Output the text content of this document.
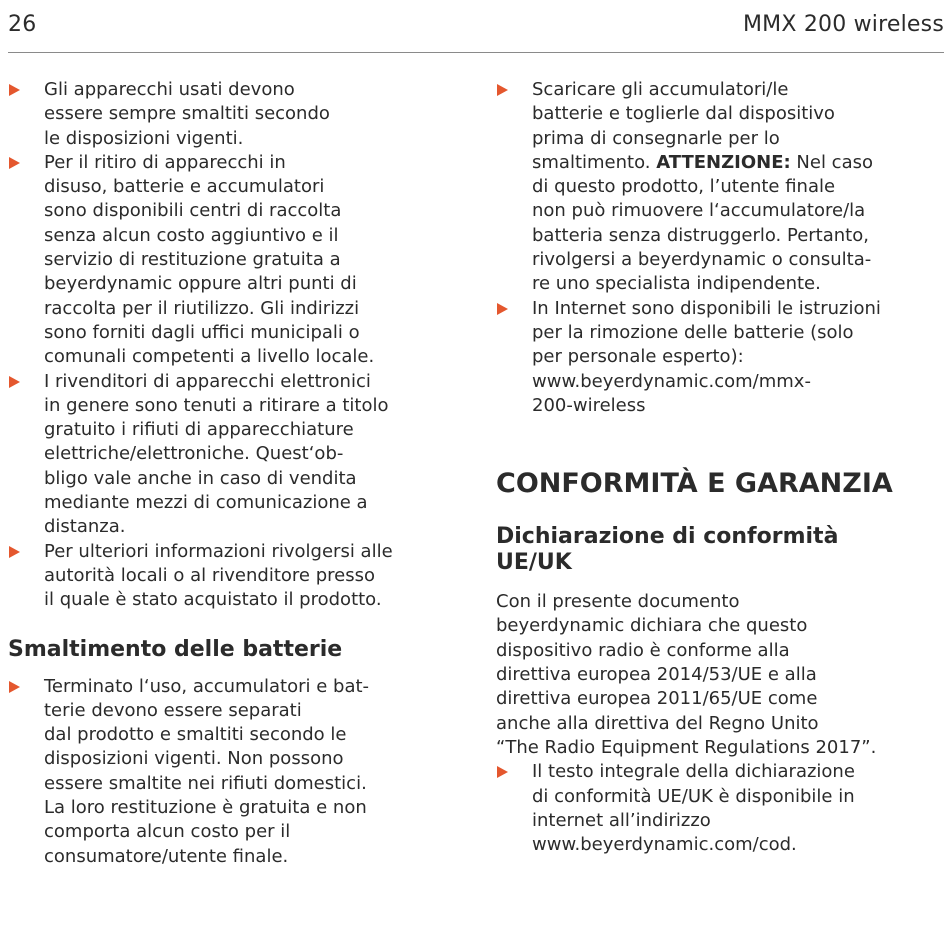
26	MMX 200 wireless
Gli apparecchi usati devono
essere sempre smaltiti secondo
le disposizioni vigenti.
Per il ritiro di apparecchi in
disuso, batterie e accumulatori
sono disponibili centri di raccolta
senza alcun costo aggiuntivo e il
servizio di restituzione gratuita a
beyerdynamic oppure altri punti di
raccolta per il riutilizzo. Gli indirizzi
sono forniti dagli uffici municipali o
comunali competenti a livello locale.
I rivenditori di apparecchi elettronici
in genere sono tenuti a ritirare a titolo
gratuito i rifiuti di apparecchiature
elettriche/elettroniche. Quest‘ob-
bligo vale anche in caso di vendita
mediante mezzi di comunicazione a
distanza.
Per ulteriori informazioni rivolgersi alle
autorità locali o al rivenditore presso
il quale è stato acquistato il prodotto.
Smaltimento delle batterie
Terminato l‘uso, accumulatori e bat-
terie devono essere separati
dal prodotto e smaltiti secondo le
disposizioni vigenti. Non possono
essere smaltite nei rifiuti domestici.
La loro restituzione è gratuita e non
comporta alcun costo per il
consumatore/utente finale.
Scaricare gli accumulatori/le
batterie e toglierle dal dispositivo
prima di consegnarle per lo
smaltimento. ATTENZIONE: Nel caso
di questo prodotto, l’utente finale
non può rimuovere l‘accumulatore/la
batteria senza distruggerlo. Pertanto,
rivolgersi a beyerdynamic o consulta-
re uno specialista indipendente.
In Internet sono disponibili le istruzioni
per la rimozione delle batterie (solo
per personale esperto):
www.beyerdynamic.com/mmx-
200-wireless
CONFORMITÀ E GARANZIA
Dichiarazione di conformità
UE/UK
Con il presente documento
beyerdynamic dichiara che questo
dispositivo radio è conforme alla
direttiva europea 2014/53/UE e alla
direttiva europea 2011/65/UE come
anche alla direttiva del Regno Unito
“The Radio Equipment Regulations 2017”.
Il testo integrale della dichiarazione
di conformità UE/UK è disponibile in
internet all’indirizzo
www.beyerdynamic.com/cod.
